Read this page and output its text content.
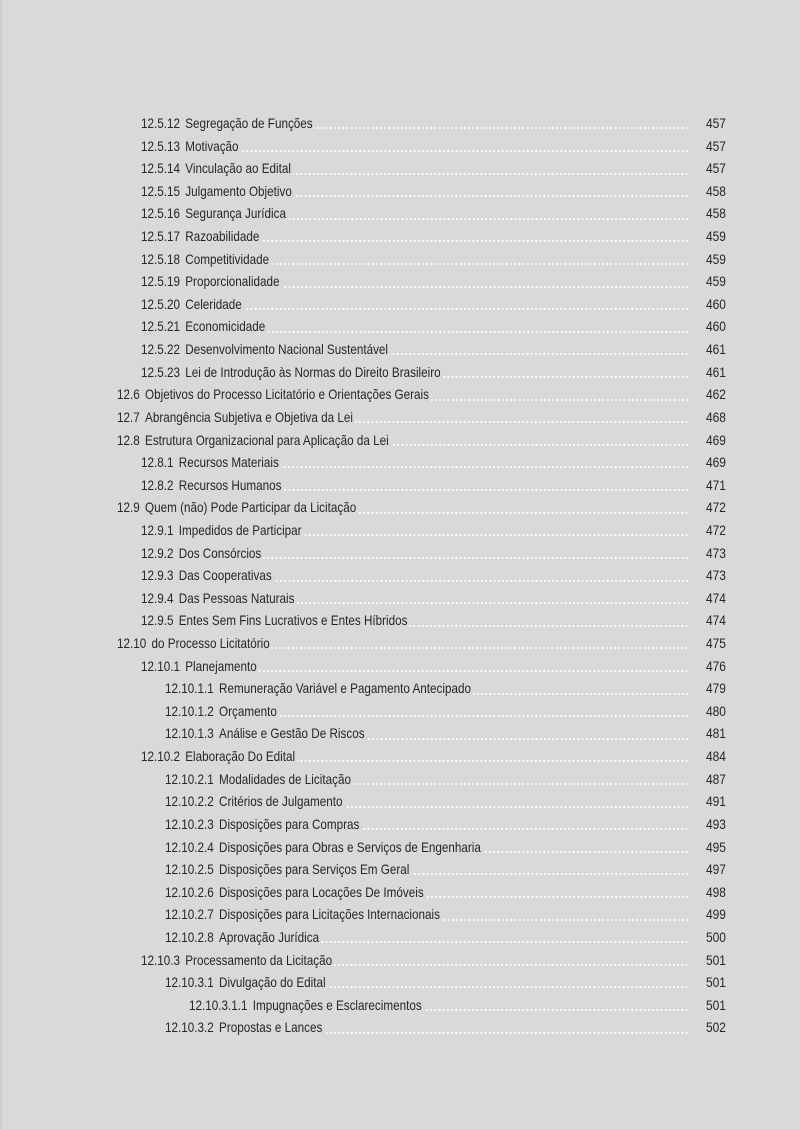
12.5.12 Segregação de Funções	457
12.5.13 Motivação	457
12.5.14 Vinculação ao Edital	457
12.5.15 Julgamento Objetivo	458
12.5.16 Segurança Jurídica	458
12.5.17 Razoabilidade	459
12.5.18 Competitividade	459
12.5.19 Proporcionalidade	459
12.5.20 Celeridade	460
12.5.21 Economicidade	460
12.5.22 Desenvolvimento Nacional Sustentável	461
12.5.23 Lei de Introdução às Normas do Direito Brasileiro	461
12.6 Objetivos do Processo Licitatório e Orientações Gerais	462
12.7 Abrangência Subjetiva e Objetiva da Lei	468
12.8 Estrutura Organizacional para Aplicação da Lei	469
12.8.1 Recursos Materiais	469
12.8.2 Recursos Humanos	471
12.9 Quem (não) Pode Participar da Licitação	472
12.9.1 Impedidos de Participar	472
12.9.2 Dos Consórcios	473
12.9.3 Das Cooperativas	473
12.9.4 Das Pessoas Naturais	474
12.9.5 Entes Sem Fins Lucrativos e Entes Híbridos	474
12.10 do Processo Licitatório	475
12.10.1 Planejamento	476
12.10.1.1 Remuneração Variável e Pagamento Antecipado	479
12.10.1.2 Orçamento	480
12.10.1.3 Análise e Gestão De Riscos	481
12.10.2 Elaboração Do Edital	484
12.10.2.1 Modalidades de Licitação	487
12.10.2.2 Critérios de Julgamento	491
12.10.2.3 Disposições para Compras	493
12.10.2.4 Disposições para Obras e Serviços de Engenharia	495
12.10.2.5 Disposições para Serviços Em Geral	497
12.10.2.6 Disposições para Locações De Imóveis	498
12.10.2.7 Disposições para Licitações Internacionais	499
12.10.2.8 Aprovação Jurídica	500
12.10.3 Processamento da Licitação	501
12.10.3.1 Divulgação do Edital	501
12.10.3.1.1 Impugnações e Esclarecimentos	501
12.10.3.2 Propostas e Lances	502
